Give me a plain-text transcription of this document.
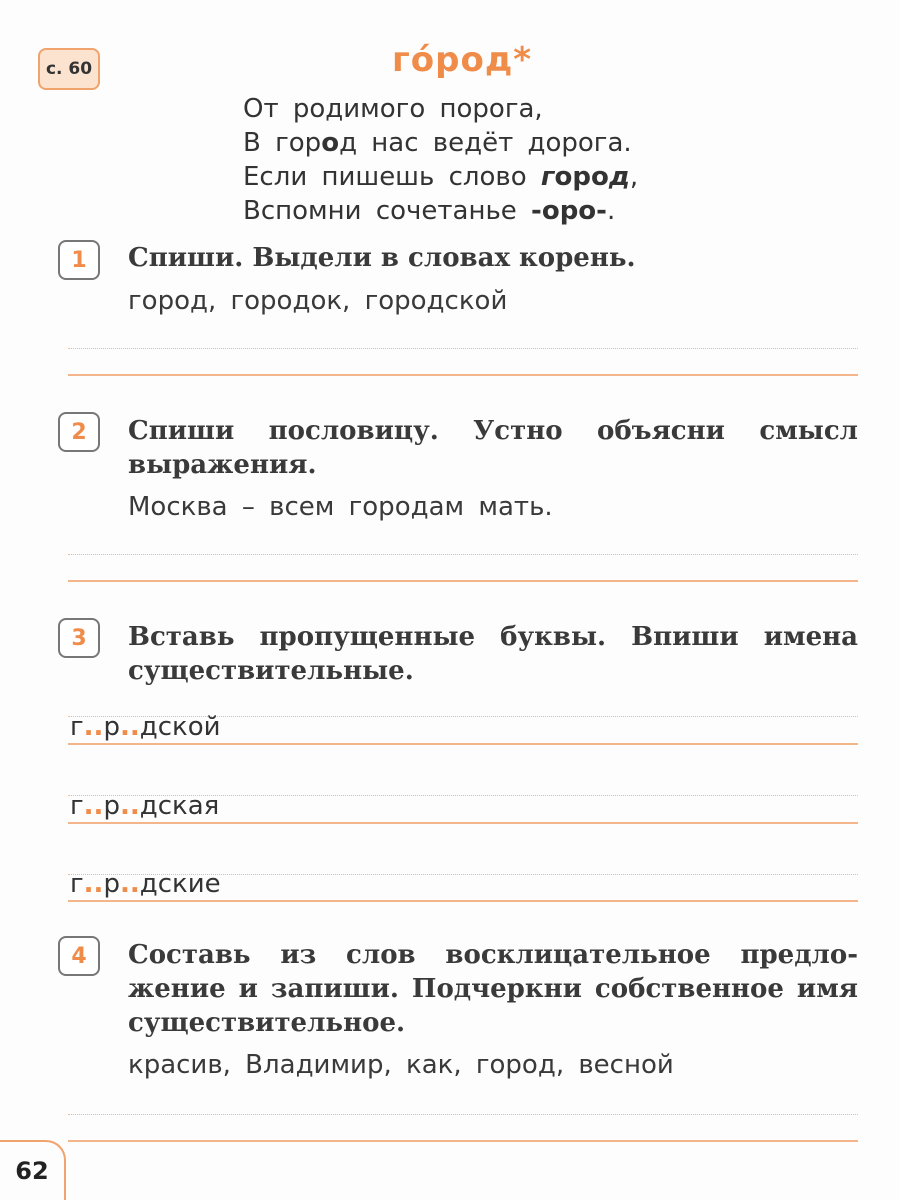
с. 60	го́род*
От родимого порога,
В город нас ведёт дорога.
Если пишешь слово город,
Вспомни сочетанье -оро-.
1	Спиши. Выдели в словах корень.
город, городок, городской
2	Спиши пословицу. Устно объясни смысл выражения.
Москва – всем городам мать.
3	Вставь пропущенные буквы. Впиши имена существительные.
г..р..дской
г..р..дская
г..р..дские
4	Составь из слов восклицательное предло-жение и запиши. Подчеркни собственное имя существительное.
красив, Владимир, как, город, весной
62
